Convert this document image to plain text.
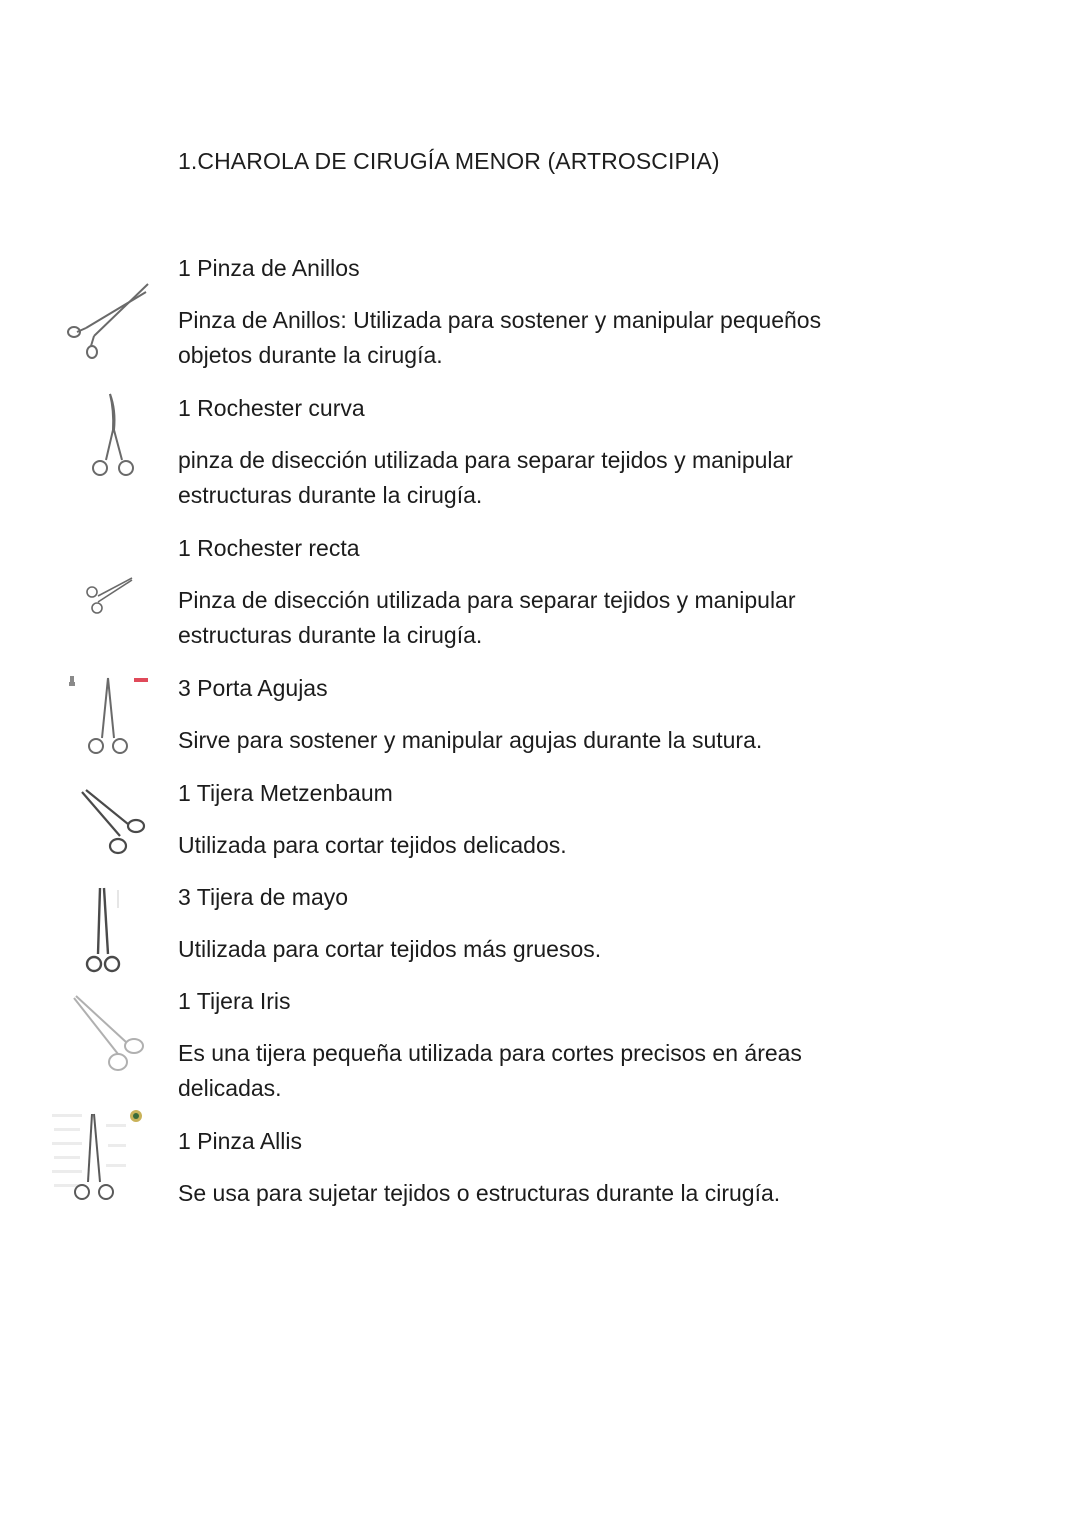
1.CHAROLA DE CIRUGÍA MENOR (ARTROSCIPIA)
1 Pinza de Anillos
Pinza de Anillos: Utilizada para sostener y manipular pequeños objetos durante la cirugía.
1 Rochester curva
pinza de disección utilizada para separar tejidos y manipular estructuras durante la cirugía.
1 Rochester recta
Pinza de disección utilizada para separar tejidos y manipular estructuras durante la cirugía.
3 Porta Agujas
Sirve para sostener y manipular agujas durante la sutura.
1 Tijera Metzenbaum
Utilizada para cortar tejidos delicados.
3 Tijera de mayo
Utilizada para cortar tejidos más gruesos.
1 Tijera Iris
Es una tijera pequeña utilizada para cortes precisos en áreas delicadas.
1 Pinza Allis
Se usa para sujetar tejidos o estructuras durante la cirugía.
